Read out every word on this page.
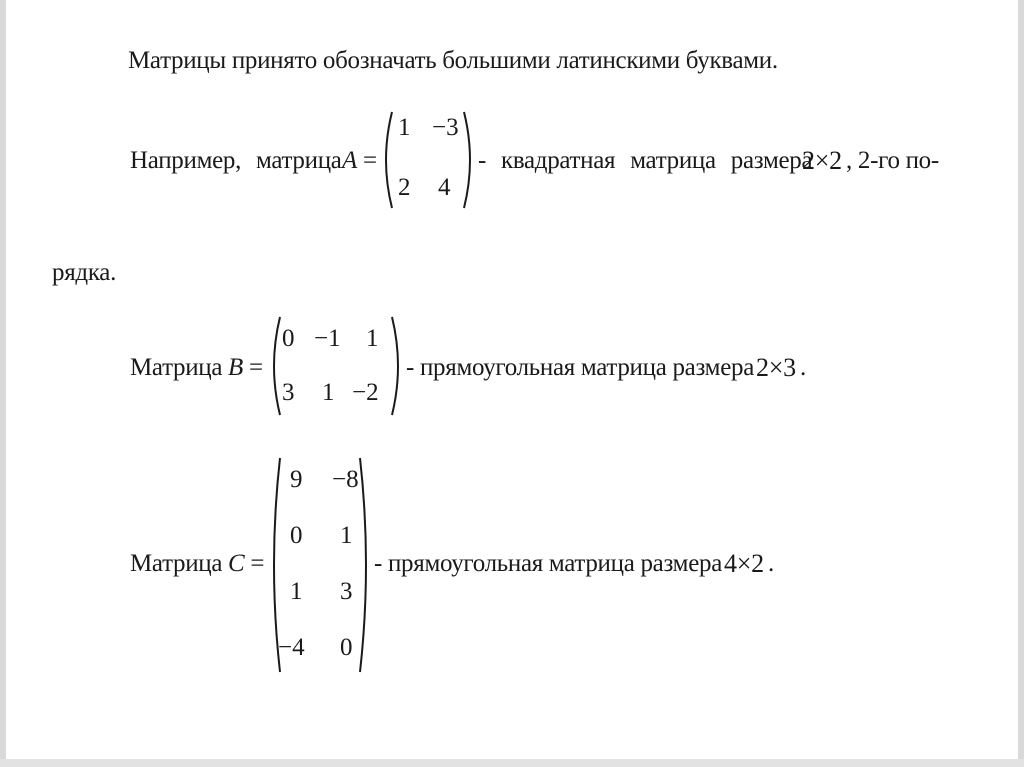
Матрицы принято обозначать большими латинскими буквами.
Например, матрица A =
1 −3
2 4
- квадратная матрица размера
2×2 , 2-го по-
рядка.
Матрица B =
0 −1 1
3 1 −2
- прямоугольная матрица размера 2×3 .
Матрица C =
9 −8
0 1
1 3
−4 0
- прямоугольная матрица размера 4×2 .
